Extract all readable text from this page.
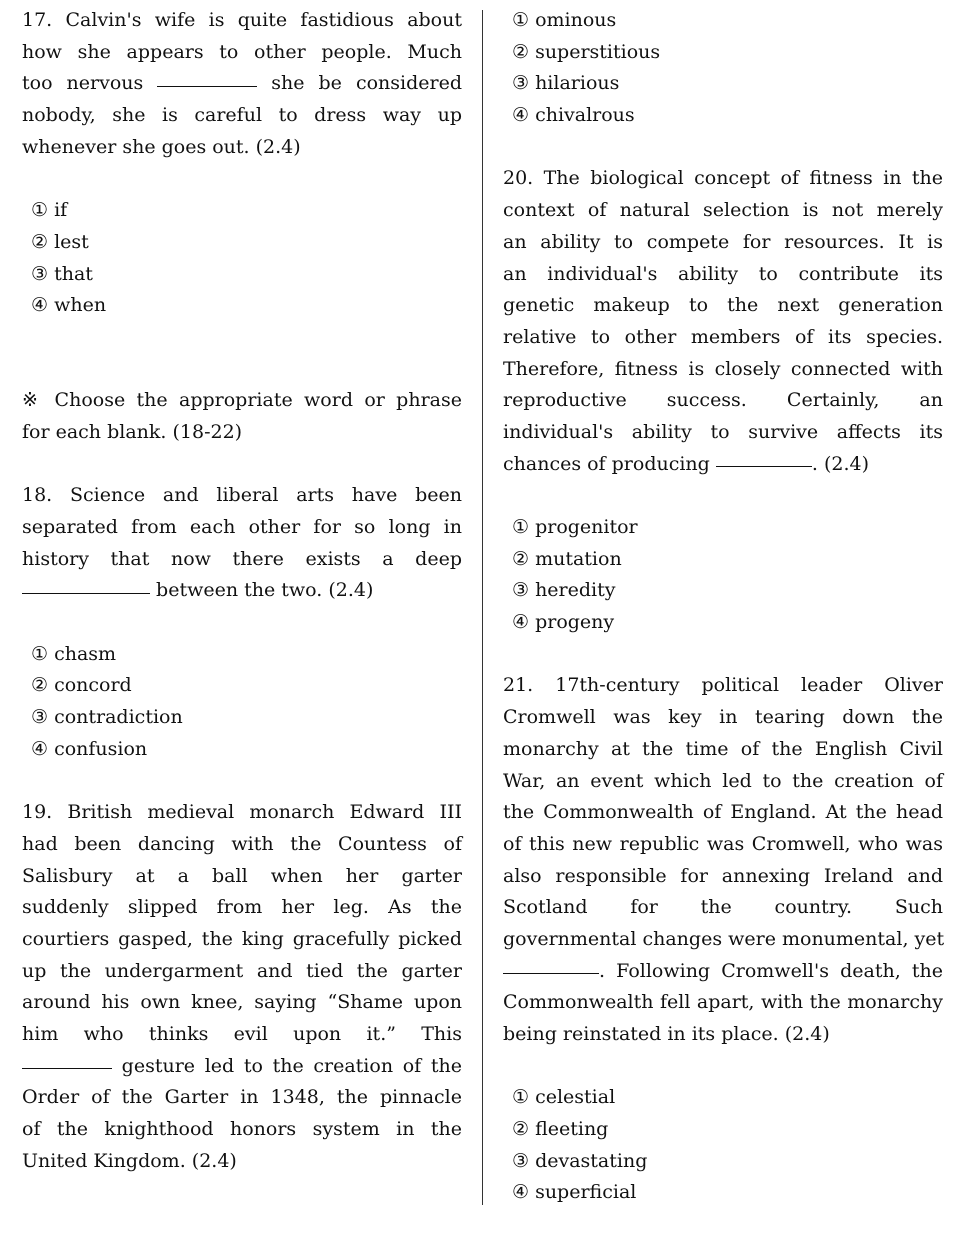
17. Calvin's wife is quite fastidious about
how she appears to other people. Much
too nervous	she be considered
nobody, she is careful to dress way up
whenever she goes out. (2.4)
① if
② lest
③ that
④ when
※ Choose the appropriate word or phrase
for each blank. (18-22)
18. Science and liberal arts have been
separated from each other for so long in
history that now there exists a deep
between the two. (2.4)
① chasm
② concord
③ contradiction
④ confusion
19. British medieval monarch Edward III
had been dancing with the Countess of
Salisbury at a ball when her garter
suddenly slipped from her leg. As the
courtiers gasped, the king gracefully picked
up the undergarment and tied the garter
around his own knee, saying “Shame upon
him who thinks evil upon it.” This
gesture led to the creation of the
Order of the Garter in 1348, the pinnacle
of the knighthood honors system in the
United Kingdom. (2.4)
① ominous
② superstitious
③ hilarious
④ chivalrous
20. The biological concept of fitness in the
context of natural selection is not merely
an ability to compete for resources. It is
an individual's ability to contribute its
genetic makeup to the next generation
relative to other members of its species.
Therefore, fitness is closely connected with
reproductive success. Certainly, an
individual's ability to survive affects its
chances of producing	. (2.4)
① progenitor
② mutation
③ heredity
④ progeny
21. 17th-century political leader Oliver
Cromwell was key in tearing down the
monarchy at the time of the English Civil
War, an event which led to the creation of
the Commonwealth of England. At the head
of this new republic was Cromwell, who was
also responsible for annexing Ireland and
Scotland for the country. Such
governmental changes were monumental, yet
. Following Cromwell's death, the
Commonwealth fell apart, with the monarchy
being reinstated in its place. (2.4)
① celestial
② fleeting
③ devastating
④ superficial
